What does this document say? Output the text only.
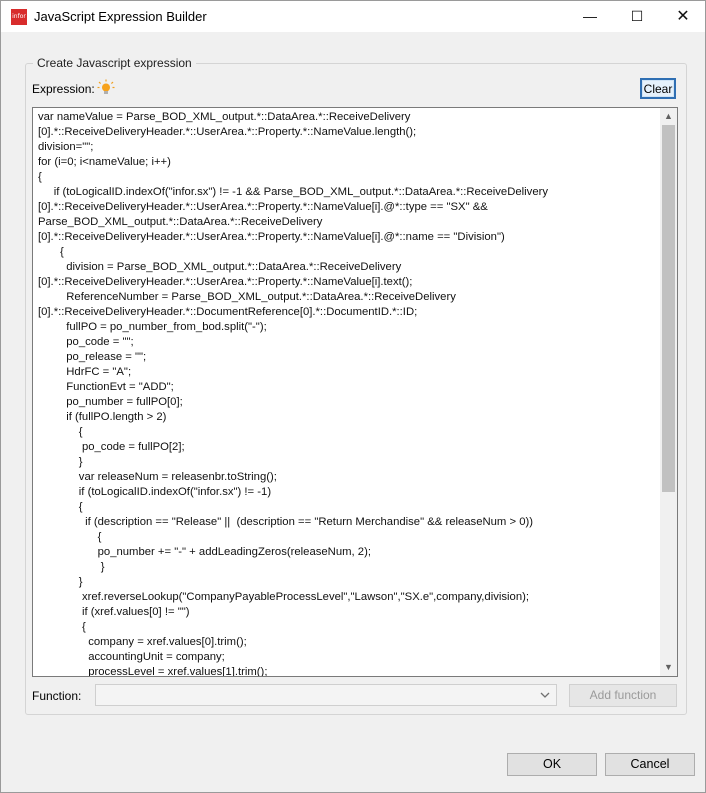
infor JavaScript Expression Builder	—	☐	✕
Create Javascript expression
Expression:	Clear
var nameValue = Parse_BOD_XML_output.*::DataArea.*::ReceiveDelivery
[0].*::ReceiveDeliveryHeader.*::UserArea.*::Property.*::NameValue.length();
division="";
for (i=0; i<nameValue; i++)
{
if (toLogicalID.indexOf("infor.sx") != -1 && Parse_BOD_XML_output.*::DataArea.*::ReceiveDelivery
[0].*::ReceiveDeliveryHeader.*::UserArea.*::Property.*::NameValue[i].@*::type == "SX" &&
Parse_BOD_XML_output.*::DataArea.*::ReceiveDelivery
[0].*::ReceiveDeliveryHeader.*::UserArea.*::Property.*::NameValue[i].@*::name == "Division")
{
division = Parse_BOD_XML_output.*::DataArea.*::ReceiveDelivery
[0].*::ReceiveDeliveryHeader.*::UserArea.*::Property.*::NameValue[i].text();
ReferenceNumber = Parse_BOD_XML_output.*::DataArea.*::ReceiveDelivery
[0].*::ReceiveDeliveryHeader.*::DocumentReference[0].*::DocumentID.*::ID;
fullPO = po_number_from_bod.split("-");
po_code = "";
po_release = "";
HdrFC = "A";
FunctionEvt = "ADD";
po_number = fullPO[0];
if (fullPO.length > 2)
{
po_code = fullPO[2];
}
var releaseNum = releasenbr.toString();
if (toLogicalID.indexOf("infor.sx") != -1)
{
if (description == "Release" ||  (description == "Return Merchandise" && releaseNum > 0))
{
po_number += "-" + addLeadingZeros(releaseNum, 2);
}
}
xref.reverseLookup("CompanyPayableProcessLevel","Lawson","SX.e",company,division);
if (xref.values[0] != "")
{
company = xref.values[0].trim();
accountingUnit = company;
processLevel = xref.values[1].trim();
▲
▼
Function:	Add function
OK	Cancel
